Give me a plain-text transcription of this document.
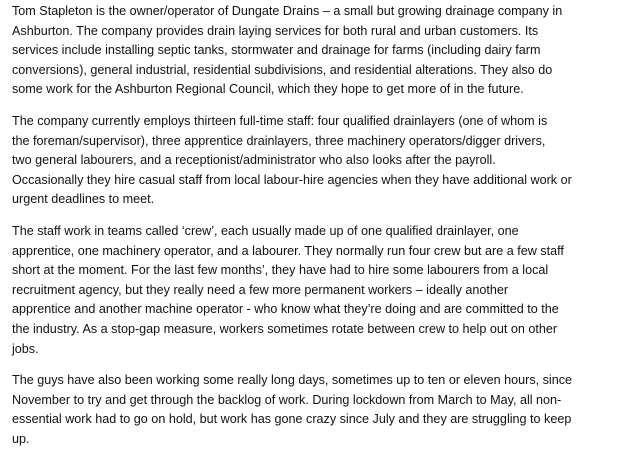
Tom Stapleton is the owner/operator of Dungate Drains – a small but growing drainage company in
Ashburton. The company provides drain laying services for both rural and urban customers. Its
services include installing septic tanks, stormwater and drainage for farms (including dairy farm
conversions), general industrial, residential subdivisions, and residential alterations. They also do
some work for the Ashburton Regional Council, which they hope to get more of in the future.

The company currently employs thirteen full-time staff: four qualified drainlayers (one of whom is
the foreman/supervisor), three apprentice drainlayers, three machinery operators/digger drivers,
two general labourers, and a receptionist/administrator who also looks after the payroll.
Occasionally they hire casual staff from local labour-hire agencies when they have additional work or
urgent deadlines to meet.

The staff work in teams called ‘crew’, each usually made up of one qualified drainlayer, one
apprentice, one machinery operator, and a labourer. They normally run four crew but are a few staff
short at the moment. For the last few months’, they have had to hire some labourers from a local
recruitment agency, but they really need a few more permanent workers – ideally another
apprentice and another machine operator - who know what they’re doing and are committed to the
the industry. As a stop-gap measure, workers sometimes rotate between crew to help out on other
jobs.

The guys have also been working some really long days, sometimes up to ten or eleven hours, since
November to try and get through the backlog of work. During lockdown from March to May, all non-
essential work had to go on hold, but work has gone crazy since July and they are struggling to keep
up.
